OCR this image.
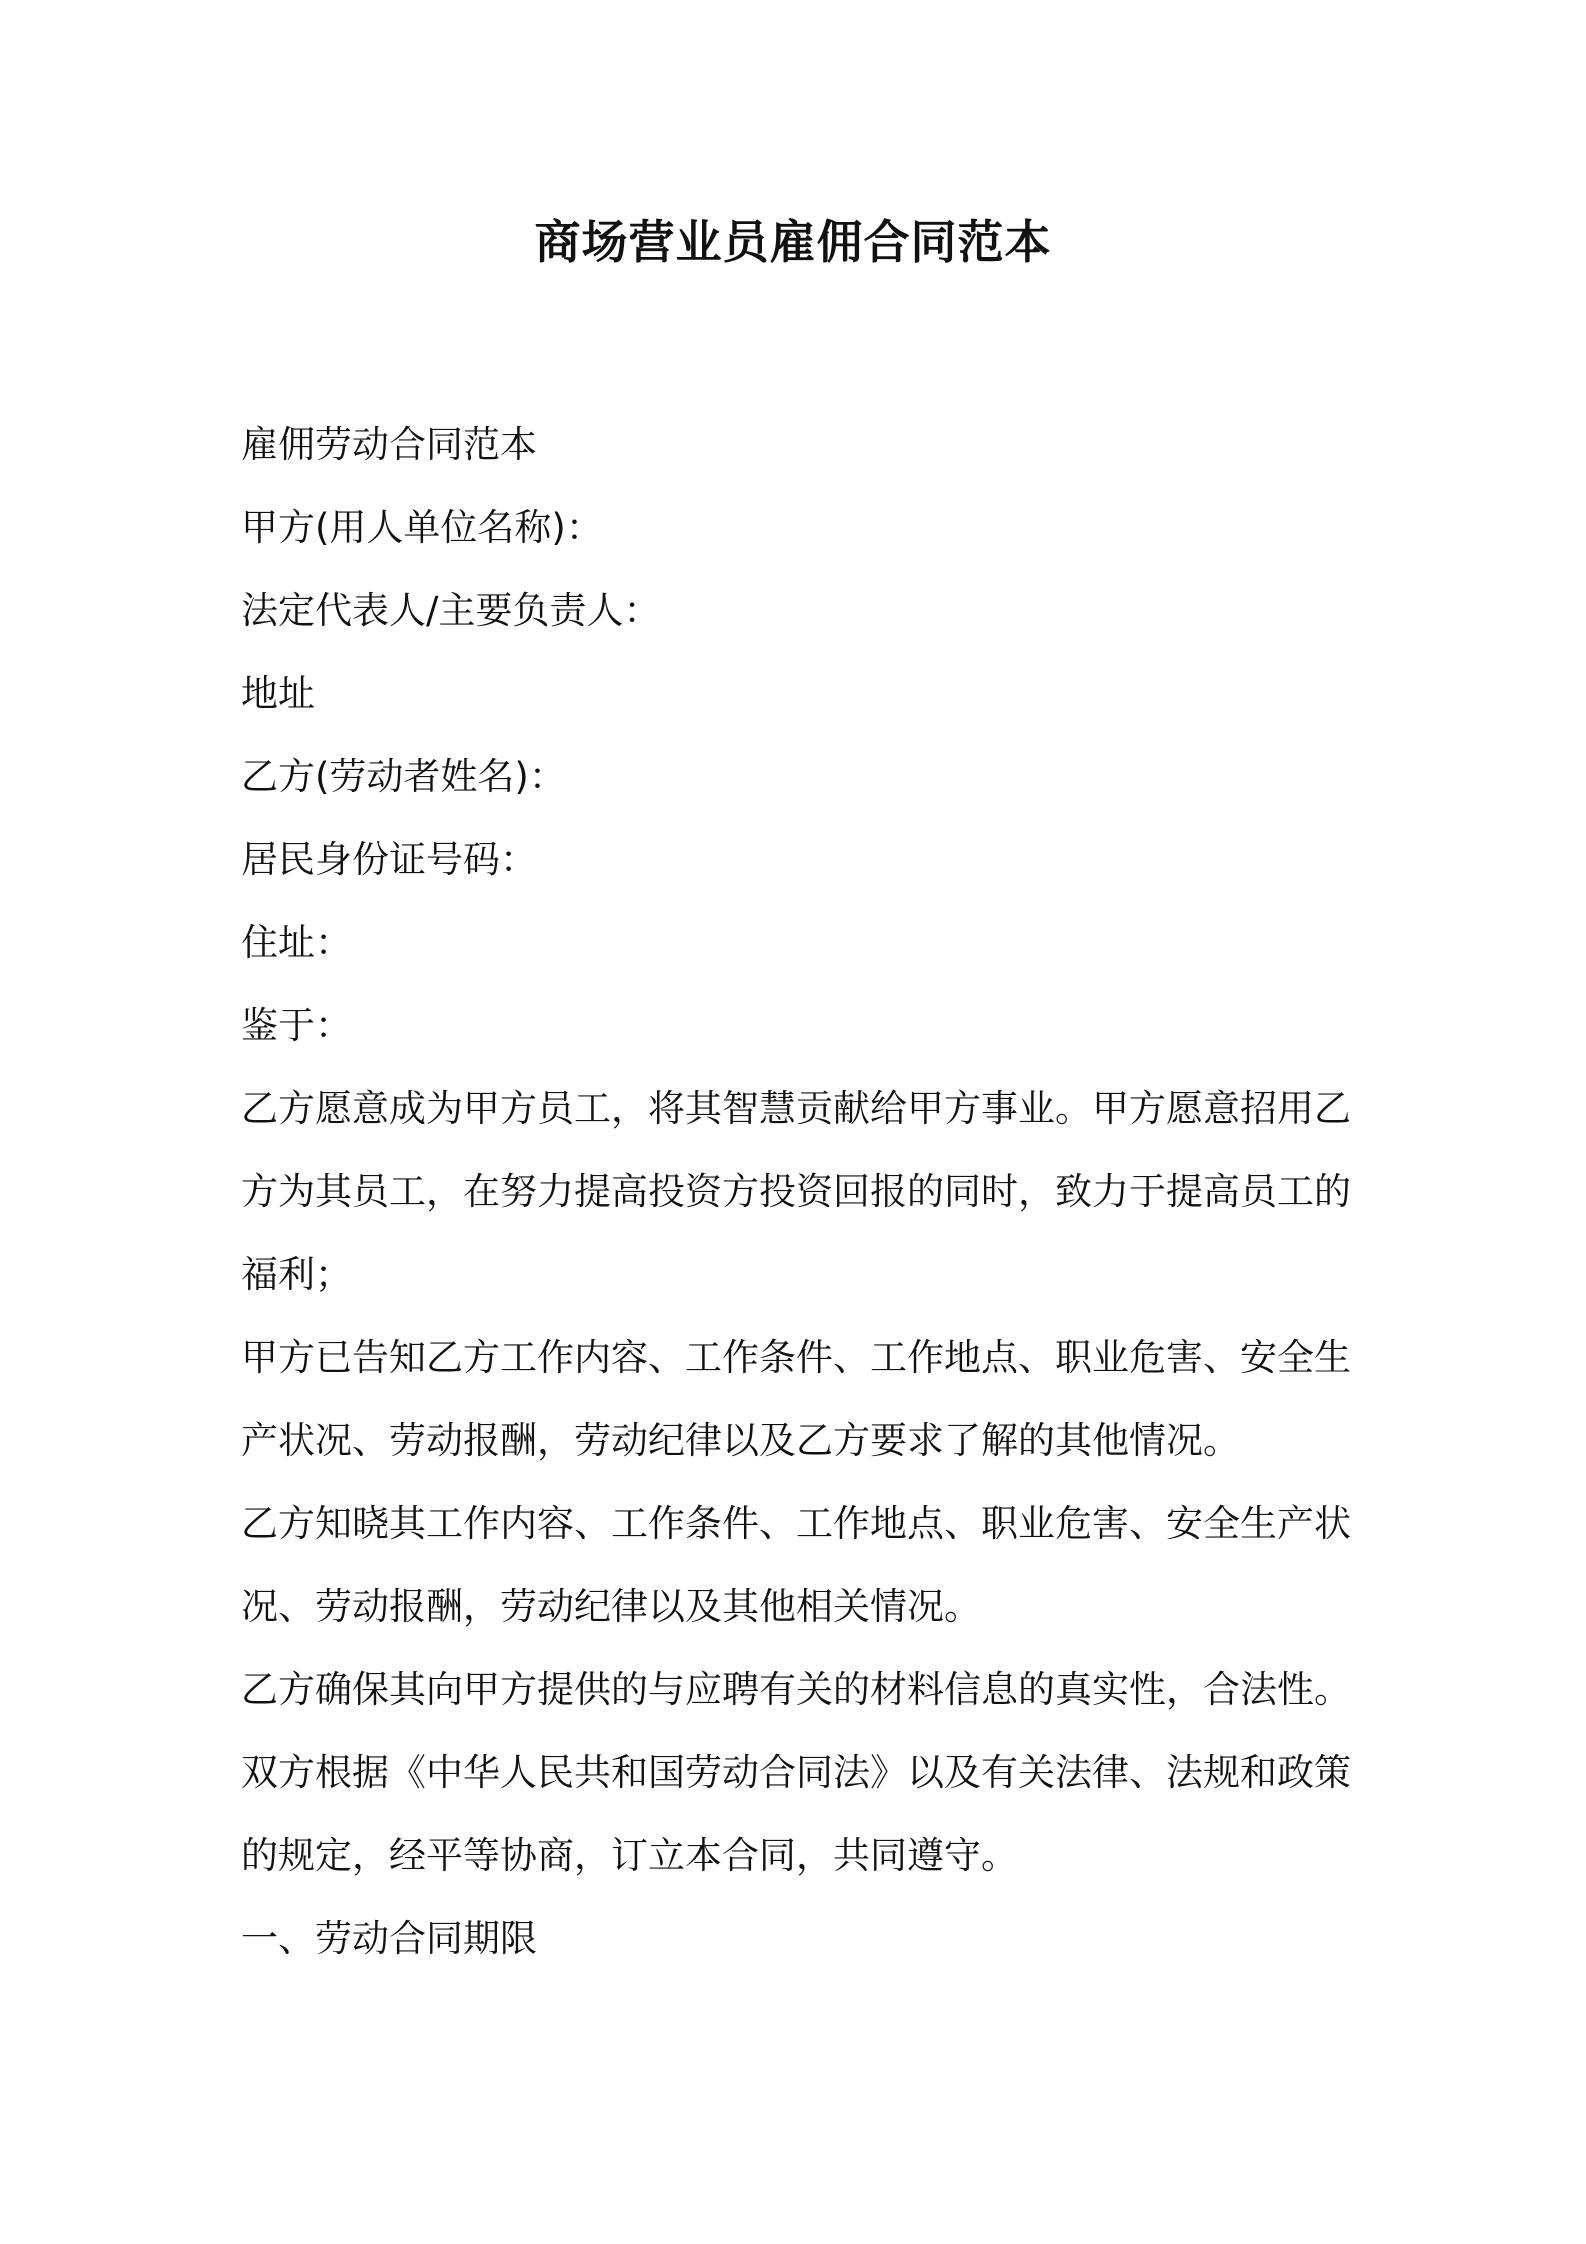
商场营业员雇佣合同范本

雇佣劳动合同范本

甲方(用人单位名称)：

法定代表人/主要负责人：

地址

乙方(劳动者姓名)：

居民身份证号码：

住址：

鉴于：

乙方愿意成为甲方员工，将其智慧贡献给甲方事业。甲方愿意招用乙

方为其员工，在努力提高投资方投资回报的同时，致力于提高员工的

福利；

甲方已告知乙方工作内容、工作条件、工作地点、职业危害、安全生

产状况、劳动报酬，劳动纪律以及乙方要求了解的其他情况。

乙方知晓其工作内容、工作条件、工作地点、职业危害、安全生产状

况、劳动报酬，劳动纪律以及其他相关情况。

乙方确保其向甲方提供的与应聘有关的材料信息的真实性，合法性。

双方根据《中华人民共和国劳动合同法》以及有关法律、法规和政策

的规定，经平等协商，订立本合同，共同遵守。

一、劳动合同期限
